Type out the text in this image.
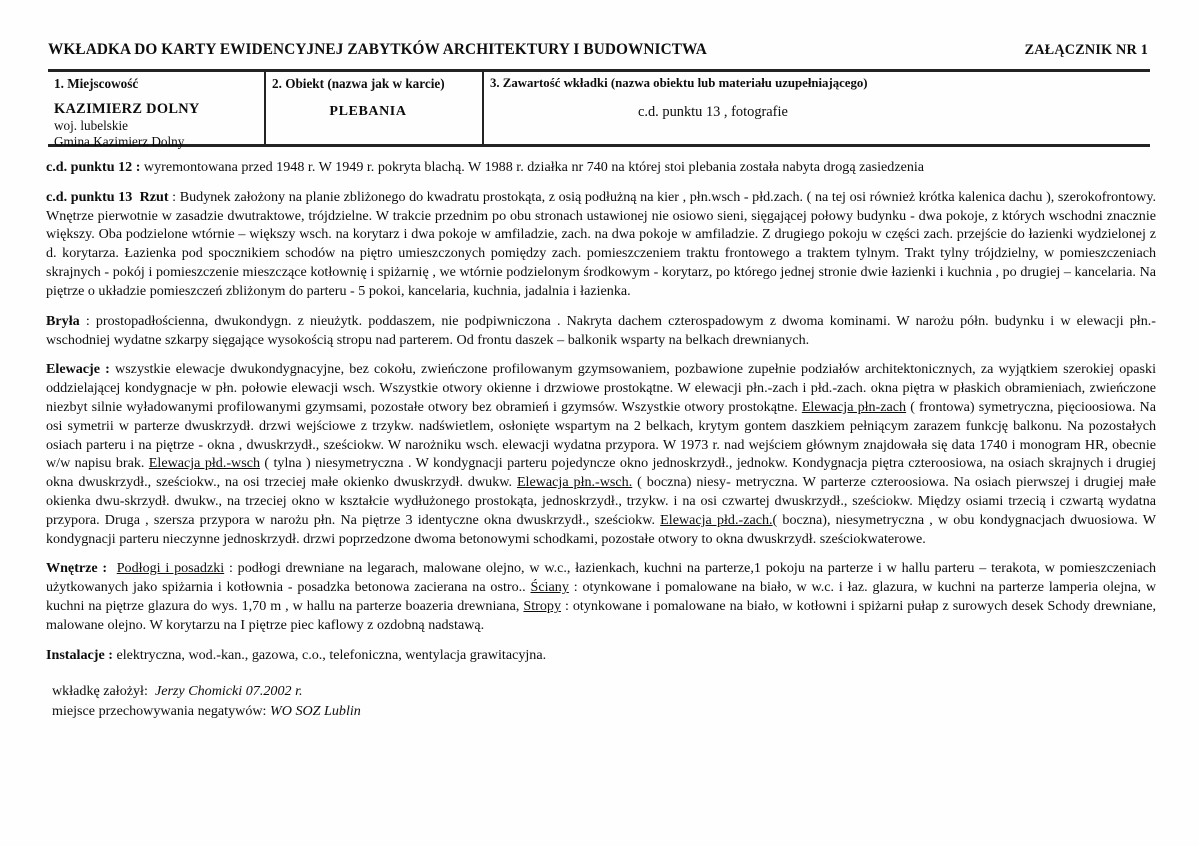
WKŁADKA DO KARTY EWIDENCYJNEJ ZABYTKÓW ARCHITEKTURY I BUDOWNICTWA	ZAŁĄCZNIK NR 1
1. Miejscowość
KAZIMIERZ DOLNY
woj. lubelskie
Gmina Kazimierz Dolny
2. Obiekt (nazwa jak w karcie)
PLEBANIA
3. Zawartość wkładki (nazwa obiektu lub materiału uzupełniającego)
c.d. punktu 13 , fotografie

c.d. punktu 12 : wyremontowana przed 1948 r. W 1949 r. pokryta blachą. W 1988 r. działka nr 740 na której stoi plebania została nabyta drogą zasiedzenia

c.d. punktu 13 Rzut : Budynek założony na planie zbliżonego do kwadratu prostokąta, z osią podłużną na kier , płn.wsch - płd.zach. ( na tej osi również krótka kalenica dachu ), szerokofrontowy. Wnętrze pierwotnie w zasadzie dwutraktowe, trójdzielne. W trakcie przednim po obu stronach ustawionej nie osiowo sieni, sięgającej połowy budynku - dwa pokoje, z których wschodni znacznie większy. Oba podzielone wtórnie – większy wsch. na korytarz i dwa pokoje w amfiladzie, zach. na dwa pokoje w amfiladzie. Z drugiego pokoju w części zach. przejście do łazienki wydzielonej z d. korytarza. Łazienka pod spocznikiem schodów na piętro umieszczonych pomiędzy zach. pomieszczeniem traktu frontowego a traktem tylnym. Trakt tylny trójdzielny, w pomieszczeniach skrajnych - pokój i pomieszczenie mieszczące kotłownię i spiżarnię , we wtórnie podzielonym środkowym - korytarz, po którego jednej stronie dwie łazienki i kuchnia , po drugiej – kancelaria. Na piętrze o układzie pomieszczeń zbliżonym do parteru - 5 pokoi, kancelaria, kuchnia, jadalnia i łazienka.

Bryła : prostopadłościenna, dwukondygn. z nieużytk. poddaszem, nie podpiwniczona . Nakryta dachem czterospadowym z dwoma kominami. W narożu półn. budynku i w elewacji płn.-wschodniej wydatne szkarpy sięgające wysokością stropu nad parterem. Od frontu daszek – balkonik wsparty na belkach drewnianych.

Elewacje : wszystkie elewacje dwukondygnacyjne, bez cokołu, zwieńczone profilowanym gzymsowaniem, pozbawione zupełnie podziałów architektonicznych, za wyjątkiem szerokiej opaski oddzielającej kondygnacje w płn. połowie elewacji wsch. Wszystkie otwory okienne i drzwiowe prostokątne. W elewacji płn.-zach i płd.-zach. okna piętra w płaskich obramieniach, zwieńczone niezbyt silnie wyładowanymi profilowanymi gzymsami, pozostałe otwory bez obramień i gzymsów. Wszystkie otwory prostokątne. Elewacja płn-zach ( frontowa) symetryczna, pięcioosiowa. Na osi symetrii w parterze dwuskrzydł. drzwi wejściowe z trzykw. nadświetlem, osłonięte wspartym na 2 belkach, krytym gontem daszkiem pełniącym zarazem funkcję balkonu. Na pozostałych osiach parteru i na piętrze - okna , dwuskrzydł., sześciokw. W narożniku wsch. elewacji wydatna przypora. W 1973 r. nad wejściem głównym znajdowała się data 1740 i monogram HR, obecnie w/w napisu brak. Elewacja płd.-wsch ( tylna ) niesymetryczna . W kondygnacji parteru pojedyncze okno jednoskrzydł., jednokw. Kondygnacja piętra czteroosiowa, na osiach skrajnych i drugiej okna dwuskrzydł., sześciokw., na osi trzeciej małe okienko dwuskrzydł. dwukw. Elewacja płn.-wsch. ( boczna) niesy- metryczna. W parterze czteroosiowa. Na osiach pierwszej i drugiej małe okienka dwu-skrzydł. dwukw., na trzeciej okno w kształcie wydłużonego prostokąta, jednoskrzydł., trzykw. i na osi czwartej dwuskrzydł., sześciokw. Między osiami trzecią i czwartą wydatna przypora. Druga , szersza przypora w narożu płn. Na piętrze 3 identyczne okna dwuskrzydł., sześciokw. Elewacja płd.-zach.( boczna), niesymetryczna , w obu kondygnacjach dwuosiowa. W kondygnacji parteru nieczynne jednoskrzydł. drzwi poprzedzone dwoma betonowymi schodkami, pozostałe otwory to okna dwuskrzydł. sześciokwaterowe.

Wnętrze : Podłogi i posadzki : podłogi drewniane na legarach, malowane olejno, w w.c., łazienkach, kuchni na parterze,1 pokoju na parterze i w hallu parteru – terakota, w pomieszczeniach użytkowanych jako spiżarnia i kotłownia - posadzka betonowa zacierana na ostro.. Ściany : otynkowane i pomalowane na biało, w w.c. i łaz. glazura, w kuchni na parterze lamperia olejna, w kuchni na piętrze glazura do wys. 1,70 m , w hallu na parterze boazeria drewniana, Stropy : otynkowane i pomalowane na biało, w kotłowni i spiżarni pułap z surowych desek Schody drewniane, malowane olejno. W korytarzu na I piętrze piec kaflowy z ozdobną nadstawą.

Instalacje : elektryczna, wod.-kan., gazowa, c.o., telefoniczna, wentylacja grawitacyjna.

wkładkę założył: Jerzy Chomicki 07.2002 r.
miejsce przechowywania negatywów: WO SOZ Lublin
